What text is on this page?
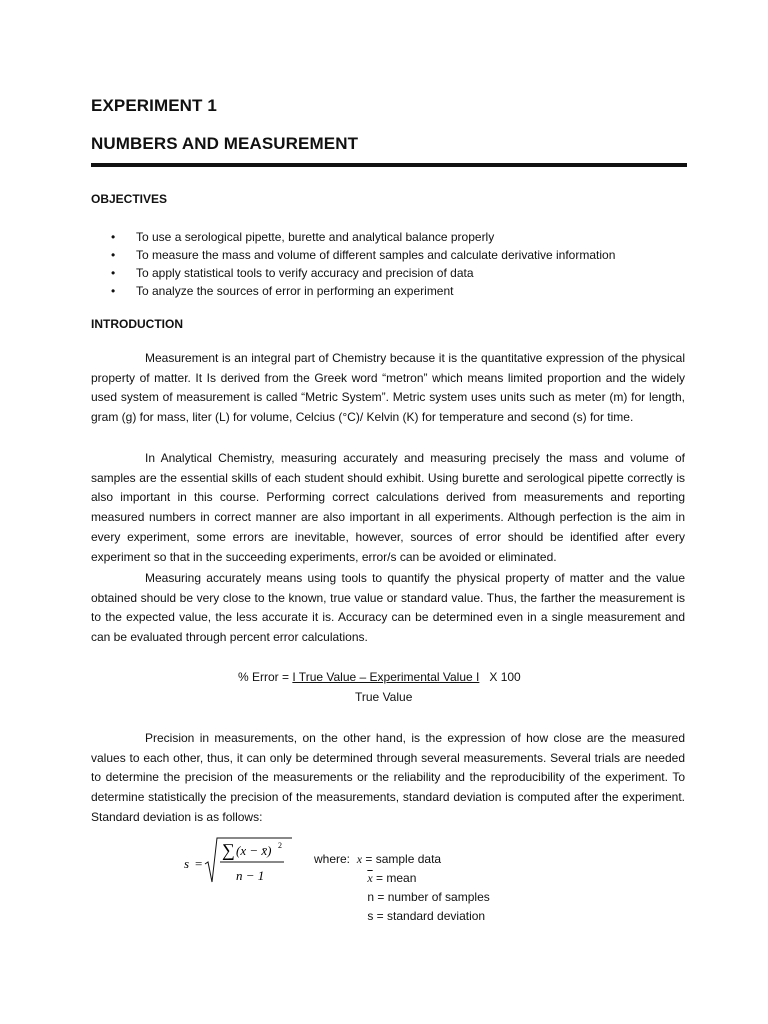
EXPERIMENT 1
NUMBERS AND MEASUREMENT
OBJECTIVES
•	To use a serological pipette, burette and analytical balance properly
•	To measure the mass and volume of different samples and calculate derivative information
•	To apply statistical tools to verify accuracy and precision of data
•	To analyze the sources of error in performing an experiment
INTRODUCTION

Measurement is an integral part of Chemistry because it is the quantitative expression of the physical property of matter. It Is derived from the Greek word “metron” which means limited proportion and the widely used system of measurement is called “Metric System”. Metric system uses units such as meter (m) for length, gram (g) for mass, liter (L) for volume, Celcius (°C)/ Kelvin (K) for temperature and second (s) for time.

In Analytical Chemistry, measuring accurately and measuring precisely the mass and volume of samples are the essential skills of each student should exhibit. Using burette and serological pipette correctly is also important in this course. Performing correct calculations derived from measurements and reporting measured numbers in correct manner are also important in all experiments. Although perfection is the aim in every experiment, some errors are inevitable, however, sources of error should be identified after every experiment so that in the succeeding experiments, error/s can be avoided or eliminated.

Measuring accurately means using tools to quantify the physical property of matter and the value obtained should be very close to the known, true value or standard value. Thus, the farther the measurement is to the expected value, the less accurate it is. Accuracy can be determined even in a single measurement and can be evaluated through percent error calculations.

% Error = I True Value – Experimental Value I X 100
True Value

Precision in measurements, on the other hand, is the expression of how close are the measured values to each other, thus, it can only be determined through several measurements. Several trials are needed to determine the precision of the measurements or the reliability and the reproducibility of the experiment. To determine statistically the precision of the measurements, standard deviation is computed after the experiment. Standard deviation is as follows:

s =
∑ (x − x̄) 2
n − 1
where: x = sample data
$\overline{x}$ = mean
n = number of samples
s = standard deviation
